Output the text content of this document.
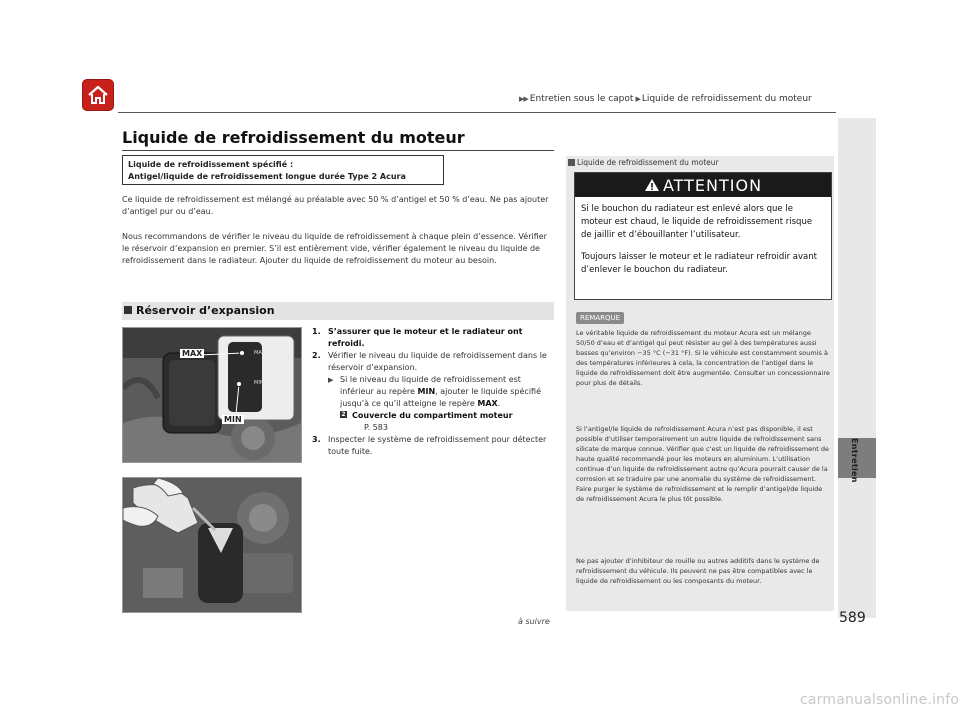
▶▶ Entretien sous le capot ▶ Liquide de refroidissement du moteur
Entretien
Liquide de refroidissement du moteur
Liquide de refroidissement spécifié :
Antigel/liquide de refroidissement longue durée Type 2 Acura
Ce liquide de refroidissement est mélangé au préalable avec 50 % d’antigel et 50 % d’eau. Ne pas ajouter d’antigel pur ou d’eau.
Nous recommandons de vérifier le niveau du liquide de refroidissement à chaque plein d’essence. Vérifier le réservoir d’expansion en premier. S’il est entièrement vide, vérifier également le niveau du liquide de refroidissement dans le radiateur. Ajouter du liquide de refroidissement du moteur au besoin.
Réservoir d’expansion
MAX
MIN
MAX
MIN
1. S’assurer que le moteur et le radiateur ont refroidi.
2. Vérifier le niveau du liquide de refroidissement dans le réservoir d’expansion.
▶ Si le niveau du liquide de refroidissement est inférieur au repère MIN, ajouter le liquide spécifié jusqu’à ce qu’il atteigne le repère MAX.
2 Couvercle du compartiment moteur
P. 583
3. Inspecter le système de refroidissement pour détecter toute fuite.
Liquide de refroidissement du moteur
ATTENTION
Si le bouchon du radiateur est enlevé alors que le moteur est chaud, le liquide de refroidissement risque de jaillir et d’ébouillanter l’utilisateur.
Toujours laisser le moteur et le radiateur refroidir avant d’enlever le bouchon du radiateur.
REMARQUE
Le véritable liquide de refroidissement du moteur Acura est un mélange 50/50 d’eau et d’antigel qui peut résister au gel à des températures aussi basses qu’environ −35 °C (−31 °F). Si le véhicule est constamment soumis à des températures inférieures à cela, la concentration de l’antigel dans le liquide de refroidissement doit être augmentée. Consulter un concessionnaire pour plus de détails.
Si l’antigel/le liquide de refroidissement Acura n’est pas disponible, il est possible d’utiliser temporairement un autre liquide de refroidissement sans silicate de marque connue. Vérifier que c’est un liquide de refroidissement de haute qualité recommandé pour les moteurs en aluminium. L’utilisation continue d’un liquide de refroidissement autre qu’Acura pourrait causer de la corrosion et se traduire par une anomalie du système de refroidissement. Faire purger le système de refroidissement et le remplir d’antigel/de liquide de refroidissement Acura le plus tôt possible.
Ne pas ajouter d’inhibiteur de rouille ou autres additifs dans le système de refroidissement du véhicule. Ils peuvent ne pas être compatibles avec le liquide de refroidissement ou les composants du moteur.
à suivre	589
carmanualsonline.info
